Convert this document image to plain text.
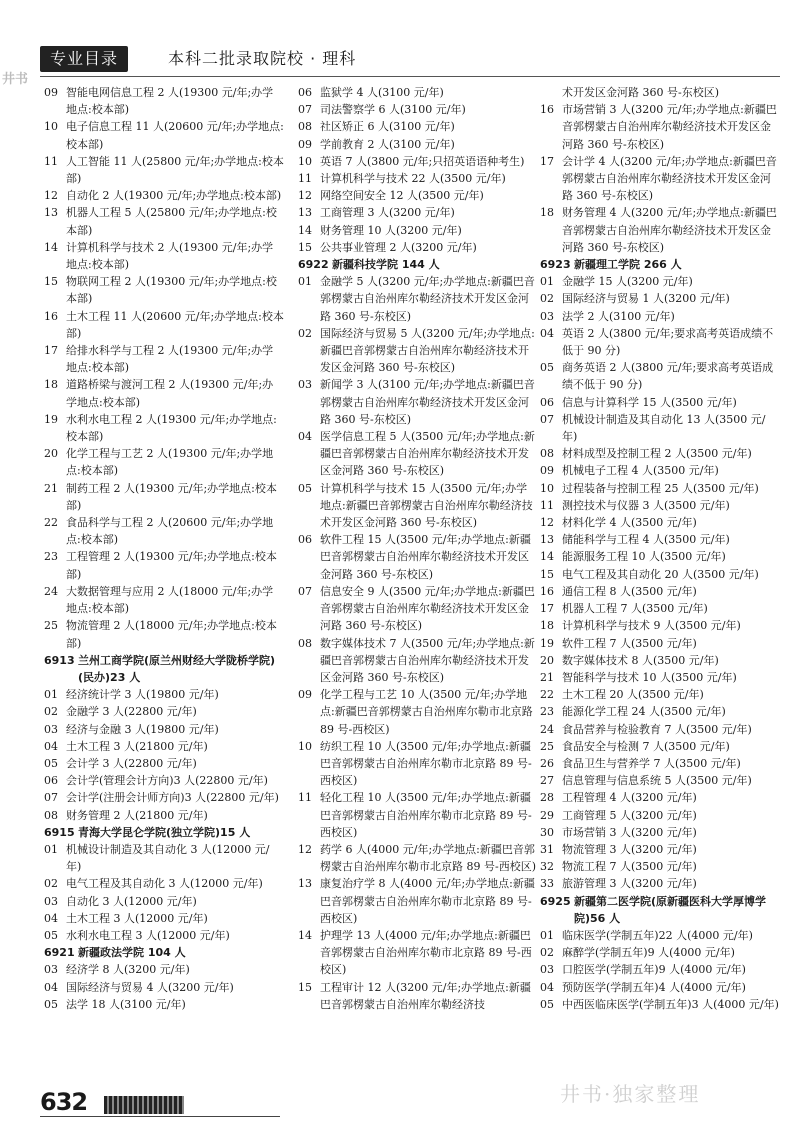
井书
专业目录	本科二批录取院校 · 理科

09 智能电网信息工程 2 人(19300 元/年;办学地点:校本部)

10 电子信息工程 11 人(20600 元/年;办学地点:校本部)

11 人工智能 11 人(25800 元/年;办学地点:校本部)

12 自动化 2 人(19300 元/年;办学地点:校本部)

13 机器人工程 5 人(25800 元/年;办学地点:校本部)

14 计算机科学与技术 2 人(19300 元/年;办学地点:校本部)

15 物联网工程 2 人(19300 元/年;办学地点:校本部)

16 土木工程 11 人(20600 元/年;办学地点:校本部)

17 给排水科学与工程 2 人(19300 元/年;办学地点:校本部)

18 道路桥梁与渡河工程 2 人(19300 元/年;办学地点:校本部)

19 水利水电工程 2 人(19300 元/年;办学地点:校本部)

20 化学工程与工艺 2 人(19300 元/年;办学地点:校本部)

21 制药工程 2 人(19300 元/年;办学地点:校本部)

22 食品科学与工程 2 人(20600 元/年;办学地点:校本部)

23 工程管理 2 人(19300 元/年;办学地点:校本部)

24 大数据管理与应用 2 人(18000 元/年;办学地点:校本部)

25 物流管理 2 人(18000 元/年;办学地点:校本部)

6913 兰州工商学院(原兰州财经大学陇桥学院)(民办)23 人

01 经济统计学 3 人(19800 元/年)

02 金融学 3 人(22800 元/年)

03 经济与金融 3 人(19800 元/年)

04 土木工程 3 人(21800 元/年)

05 会计学 3 人(22800 元/年)

06 会计学(管理会计方向)3 人(22800 元/年)

07 会计学(注册会计师方向)3 人(22800 元/年)

08 财务管理 2 人(21800 元/年)

6915 青海大学昆仑学院(独立学院)15 人

01 机械设计制造及其自动化 3 人(12000 元/年)

02 电气工程及其自动化 3 人(12000 元/年)

03 自动化 3 人(12000 元/年)

04 土木工程 3 人(12000 元/年)

05 水利水电工程 3 人(12000 元/年)

6921 新疆政法学院 104 人

03 经济学 8 人(3200 元/年)

04 国际经济与贸易 4 人(3200 元/年)

05 法学 18 人(3100 元/年)

06 监狱学 4 人(3100 元/年)

07 司法警察学 6 人(3100 元/年)

08 社区矫正 6 人(3100 元/年)

09 学前教育 2 人(3100 元/年)

10 英语 7 人(3800 元/年;只招英语语种考生)

11 计算机科学与技术 22 人(3500 元/年)

12 网络空间安全 12 人(3500 元/年)

13 工商管理 3 人(3200 元/年)

14 财务管理 10 人(3200 元/年)

15 公共事业管理 2 人(3200 元/年)

6922 新疆科技学院 144 人

01 金融学 5 人(3200 元/年;办学地点:新疆巴音郭楞蒙古自治州库尔勒经济技术开发区金河路 360 号-东校区)

02 国际经济与贸易 5 人(3200 元/年;办学地点:新疆巴音郭楞蒙古自治州库尔勒经济技术开发区金河路 360 号-东校区)

03 新闻学 3 人(3100 元/年;办学地点:新疆巴音郭楞蒙古自治州库尔勒经济技术开发区金河路 360 号-东校区)

04 医学信息工程 5 人(3500 元/年;办学地点:新疆巴音郭楞蒙古自治州库尔勒经济技术开发区金河路 360 号-东校区)

05 计算机科学与技术 15 人(3500 元/年;办学地点:新疆巴音郭楞蒙古自治州库尔勒经济技术开发区金河路 360 号-东校区)

06 软件工程 15 人(3500 元/年;办学地点:新疆巴音郭楞蒙古自治州库尔勒经济技术开发区金河路 360 号-东校区)

07 信息安全 9 人(3500 元/年;办学地点:新疆巴音郭楞蒙古自治州库尔勒经济技术开发区金河路 360 号-东校区)

08 数字媒体技术 7 人(3500 元/年;办学地点:新疆巴音郭楞蒙古自治州库尔勒经济技术开发区金河路 360 号-东校区)

09 化学工程与工艺 10 人(3500 元/年;办学地点:新疆巴音郭楞蒙古自治州库尔勒市北京路 89 号-西校区)

10 纺织工程 10 人(3500 元/年;办学地点:新疆巴音郭楞蒙古自治州库尔勒市北京路 89 号-西校区)

11 轻化工程 10 人(3500 元/年;办学地点:新疆巴音郭楞蒙古自治州库尔勒市北京路 89 号-西校区)

12 药学 6 人(4000 元/年;办学地点:新疆巴音郭楞蒙古自治州库尔勒市北京路 89 号-西校区)

13 康复治疗学 8 人(4000 元/年;办学地点:新疆巴音郭楞蒙古自治州库尔勒市北京路 89 号-西校区)

14 护理学 13 人(4000 元/年;办学地点:新疆巴音郭楞蒙古自治州库尔勒市北京路 89 号-西校区)

15 工程审计 12 人(3200 元/年;办学地点:新疆巴音郭楞蒙古自治州库尔勒经济技

术开发区金河路 360 号-东校区)

16 市场营销 3 人(3200 元/年;办学地点:新疆巴音郭楞蒙古自治州库尔勒经济技术开发区金河路 360 号-东校区)

17 会计学 4 人(3200 元/年;办学地点:新疆巴音郭楞蒙古自治州库尔勒经济技术开发区金河路 360 号-东校区)

18 财务管理 4 人(3200 元/年;办学地点:新疆巴音郭楞蒙古自治州库尔勒经济技术开发区金河路 360 号-东校区)

6923 新疆理工学院 266 人

01 金融学 15 人(3200 元/年)

02 国际经济与贸易 1 人(3200 元/年)

03 法学 2 人(3100 元/年)

04 英语 2 人(3800 元/年;要求高考英语成绩不低于 90 分)

05 商务英语 2 人(3800 元/年;要求高考英语成绩不低于 90 分)

06 信息与计算科学 15 人(3500 元/年)

07 机械设计制造及其自动化 13 人(3500 元/年)

08 材料成型及控制工程 2 人(3500 元/年)

09 机械电子工程 4 人(3500 元/年)

10 过程装备与控制工程 25 人(3500 元/年)

11 测控技术与仪器 3 人(3500 元/年)

12 材料化学 4 人(3500 元/年)

13 储能科学与工程 4 人(3500 元/年)

14 能源服务工程 10 人(3500 元/年)

15 电气工程及其自动化 20 人(3500 元/年)

16 通信工程 8 人(3500 元/年)

17 机器人工程 7 人(3500 元/年)

18 计算机科学与技术 9 人(3500 元/年)

19 软件工程 7 人(3500 元/年)

20 数字媒体技术 8 人(3500 元/年)

21 智能科学与技术 10 人(3500 元/年)

22 土木工程 20 人(3500 元/年)

23 能源化学工程 24 人(3500 元/年)

24 食品营养与检验教育 7 人(3500 元/年)

25 食品安全与检测 7 人(3500 元/年)

26 食品卫生与营养学 7 人(3500 元/年)

27 信息管理与信息系统 5 人(3500 元/年)

28 工程管理 4 人(3200 元/年)

29 工商管理 5 人(3200 元/年)

30 市场营销 3 人(3200 元/年)

31 物流管理 3 人(3200 元/年)

32 物流工程 7 人(3500 元/年)

33 旅游管理 3 人(3200 元/年)

6925 新疆第二医学院(原新疆医科大学厚博学院)56 人

01 临床医学(学制五年)22 人(4000 元/年)

02 麻醉学(学制五年)9 人(4000 元/年)

03 口腔医学(学制五年)9 人(4000 元/年)

04 预防医学(学制五年)4 人(4000 元/年)

05 中西医临床医学(学制五年)3 人(4000 元/年)

632	井书·独家整理
